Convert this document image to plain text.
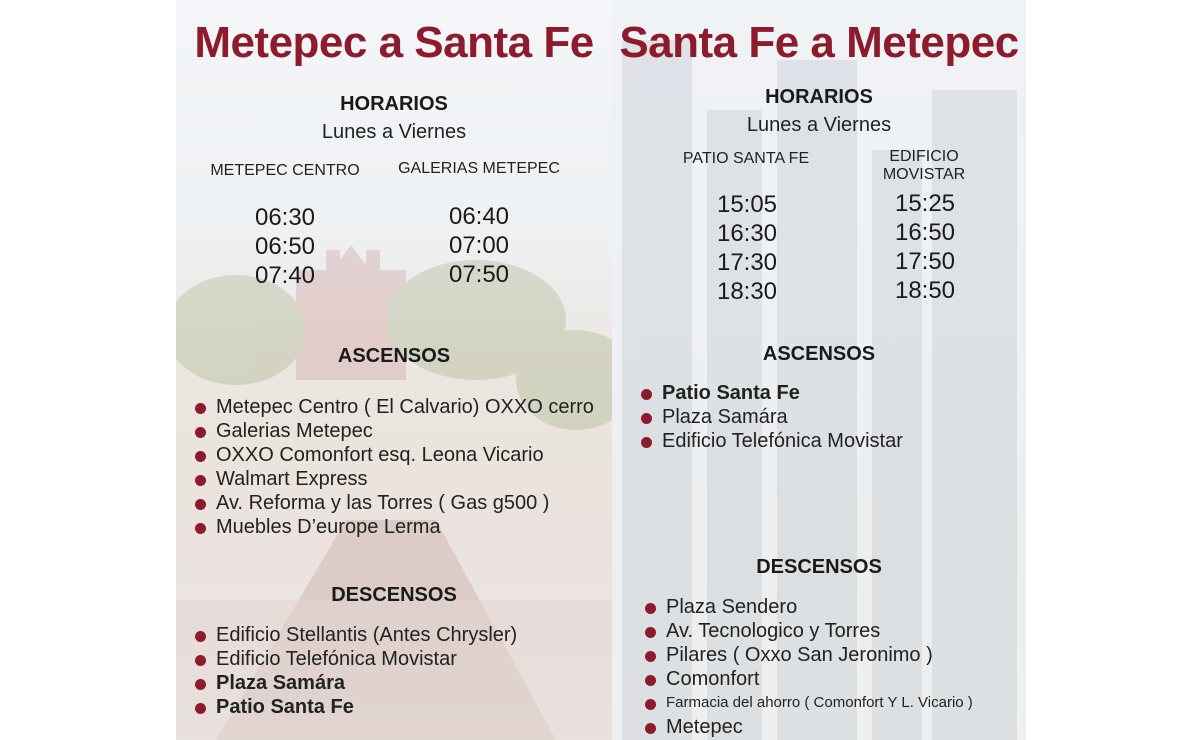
Metepec a Santa Fe
HORARIOS
Lunes a Viernes
METEPEC CENTRO GALERIAS METEPEC
06:30
06:50
07:40
06:40
07:00
07:50
ASCENSOS
Metepec Centro ( El Calvario) OXXO cerro
Galerias Metepec
OXXO Comonfort esq. Leona Vicario
Walmart Express
Av. Reforma y las Torres ( Gas g500 )
Muebles D’europe Lerma
DESCENSOS
Edificio Stellantis (Antes Chrysler)
Edificio Telefónica Movistar
Plaza Samára
Patio Santa Fe
Santa Fe a Metepec
HORARIOS
Lunes a Viernes
PATIO SANTA FE	EDIFICIO MOVISTAR
15:05
16:30
17:30
18:30
15:25
16:50
17:50
18:50
ASCENSOS
Patio Santa Fe
Plaza Samára
Edificio Telefónica Movistar
DESCENSOS
Plaza Sendero
Av. Tecnologico y Torres
Pilares ( Oxxo San Jeronimo )
Comonfort
Farmacia del ahorro ( Comonfort Y L. Vicario )
Metepec
